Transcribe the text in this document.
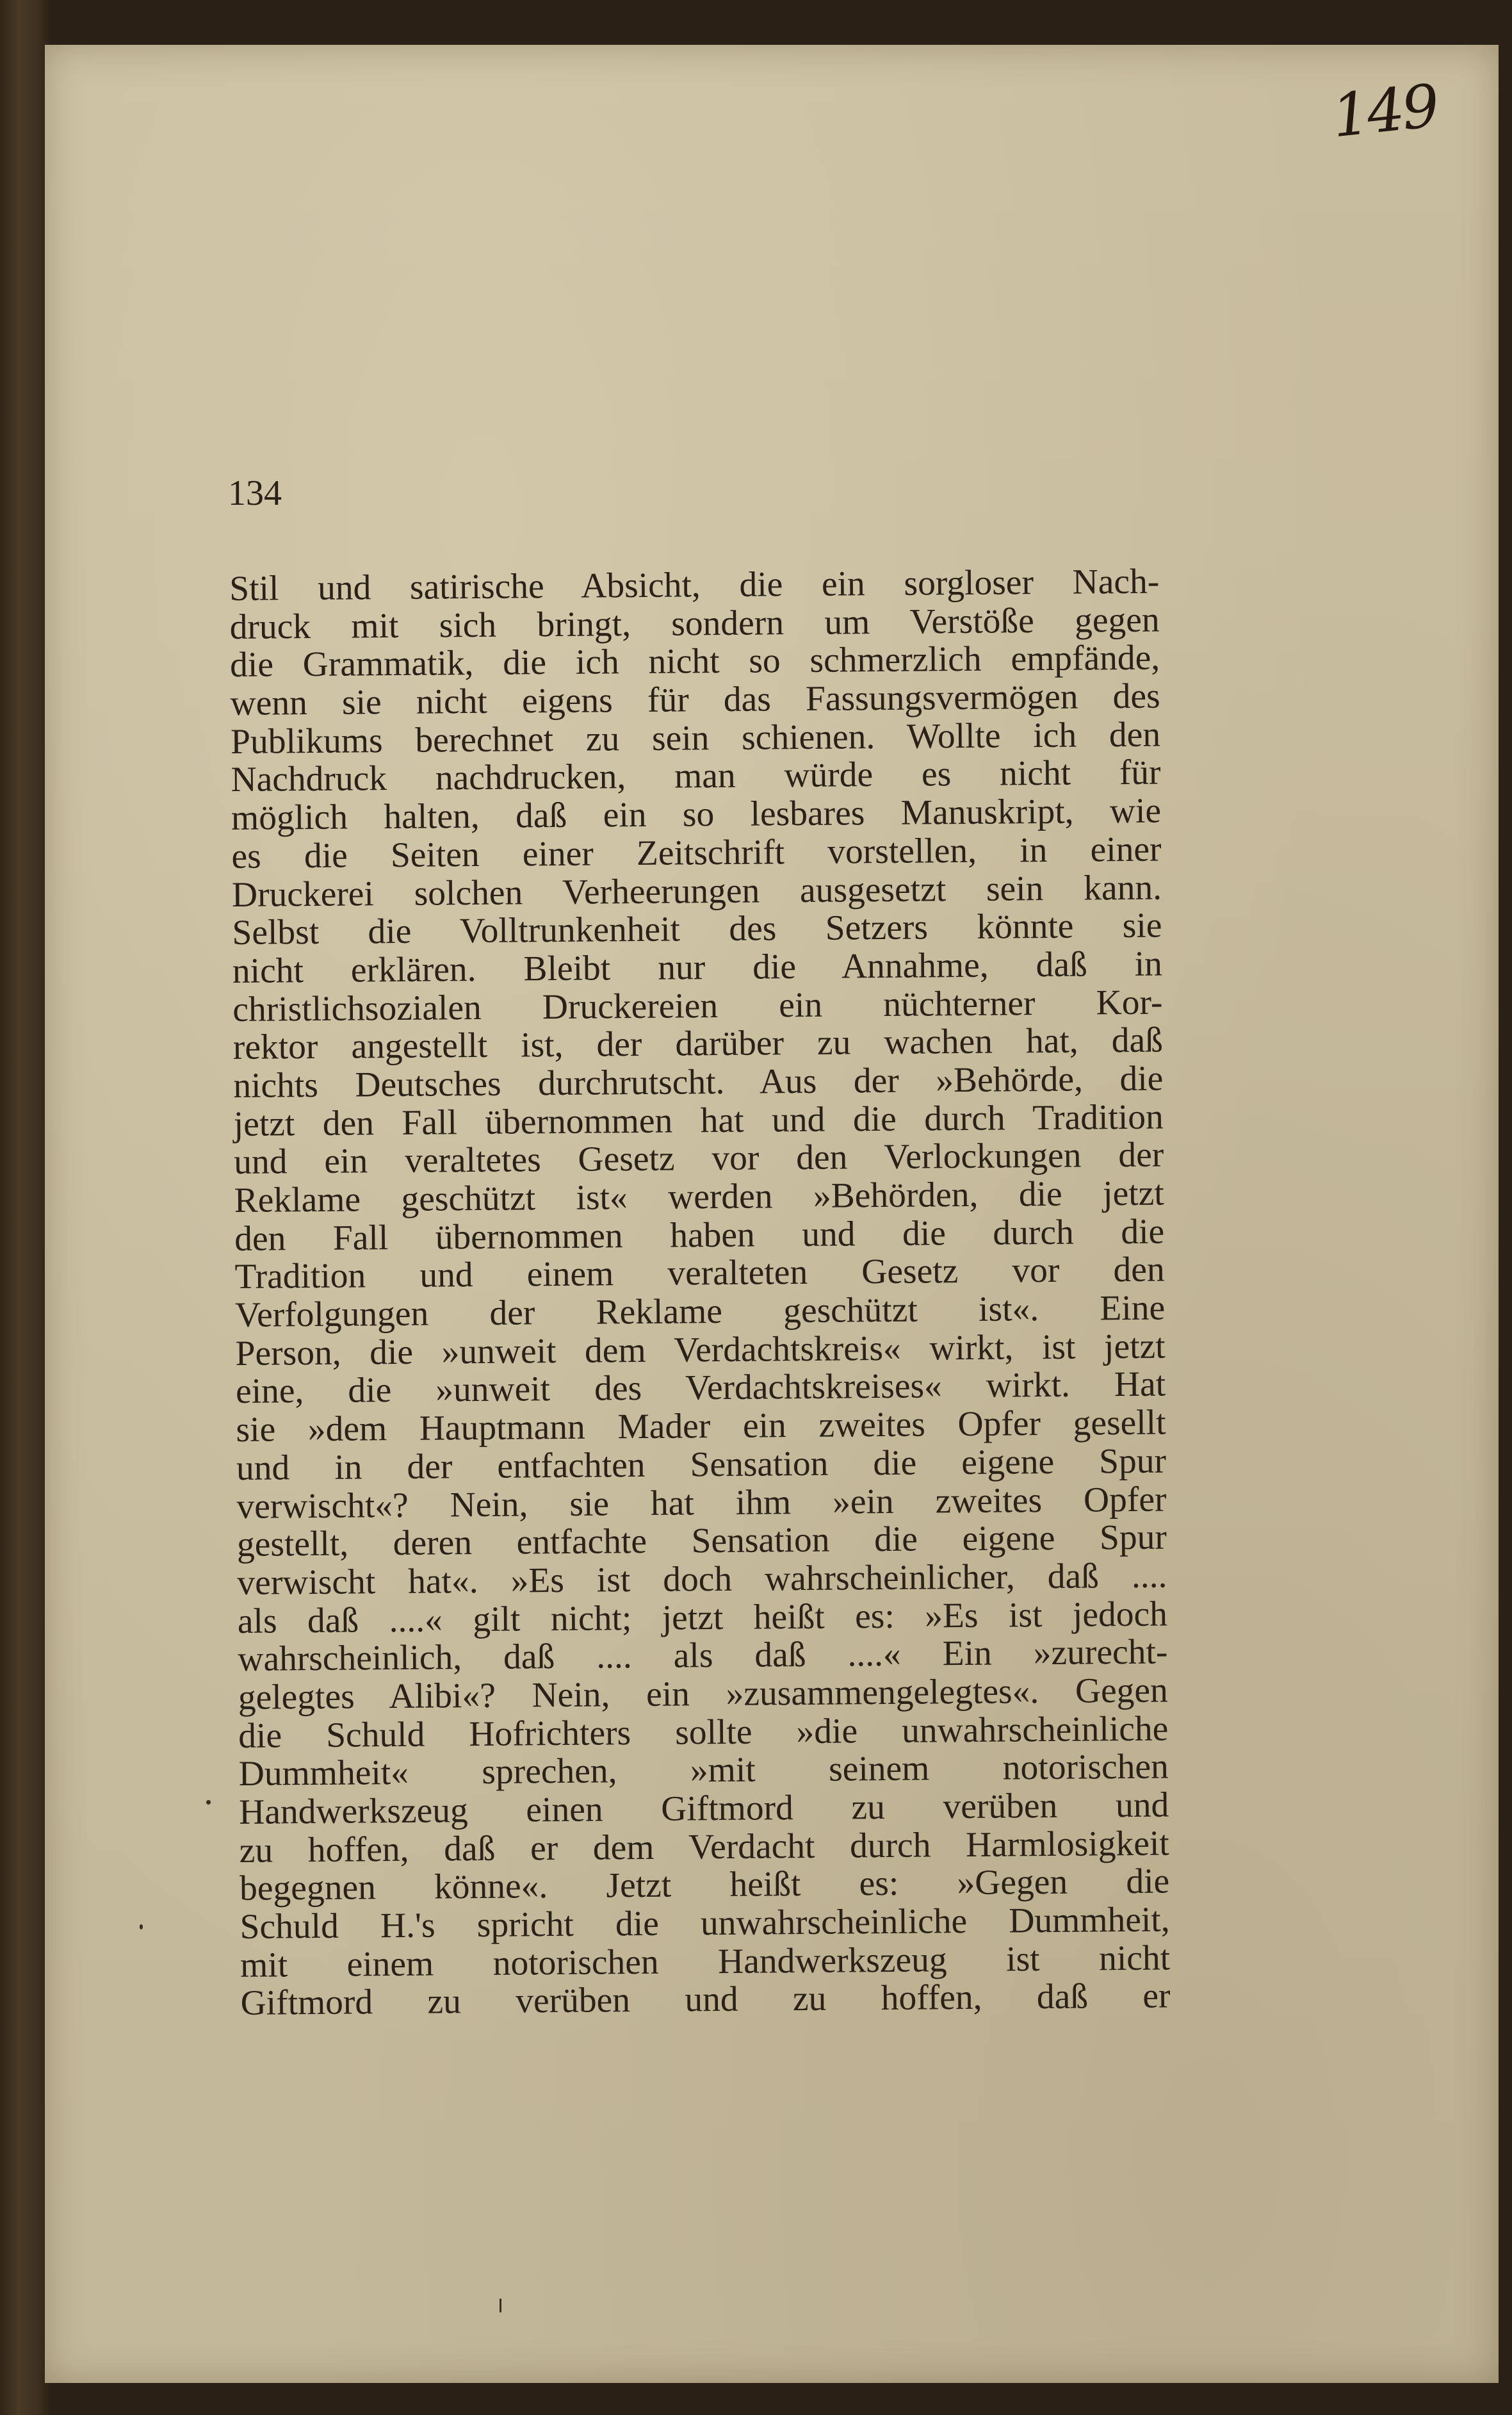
149
134
Stil und satirische Absicht, die ein sorgloser Nach-
druck mit sich bringt, sondern um Verstöße gegen
die Grammatik, die ich nicht so schmerzlich empfände,
wenn sie nicht eigens für das Fassungsvermögen des
Publikums berechnet zu sein schienen. Wollte ich den
Nachdruck nachdrucken, man würde es nicht für
möglich halten, daß ein so lesbares Manuskript, wie
es die Seiten einer Zeitschrift vorstellen, in einer
Druckerei solchen Verheerungen ausgesetzt sein kann.
Selbst die Volltrunkenheit des Setzers könnte sie
nicht erklären. Bleibt nur die Annahme, daß in
christlichsozialen Druckereien ein nüchterner Kor-
rektor angestellt ist, der darüber zu wachen hat, daß
nichts Deutsches durchrutscht. Aus der »Behörde, die
jetzt den Fall übernommen hat und die durch Tradition
und ein veraltetes Gesetz vor den Verlockungen der
Reklame geschützt ist« werden »Behörden, die jetzt
den Fall übernommen haben und die durch die
Tradition und einem veralteten Gesetz vor den
Verfolgungen der Reklame geschützt ist«. Eine
Person, die »unweit dem Verdachtskreis« wirkt, ist jetzt
eine, die »unweit des Verdachtskreises« wirkt. Hat
sie »dem Hauptmann Mader ein zweites Opfer gesellt
und in der entfachten Sensation die eigene Spur
verwischt«? Nein, sie hat ihm »ein zweites Opfer
gestellt, deren entfachte Sensation die eigene Spur
verwischt hat«. »Es ist doch wahrscheinlicher, daß ....
als daß ....« gilt nicht; jetzt heißt es: »Es ist jedoch
wahrscheinlich, daß .... als daß ....« Ein »zurecht-
gelegtes Alibi«? Nein, ein »zusammengelegtes«. Gegen
die Schuld Hofrichters sollte »die unwahrscheinliche
Dummheit« sprechen, »mit seinem notorischen
Handwerkszeug einen Giftmord zu verüben und
zu hoffen, daß er dem Verdacht durch Harmlosigkeit
begegnen könne«. Jetzt heißt es: »Gegen die
Schuld H.'s spricht die unwahrscheinliche Dummheit,
mit einem notorischen Handwerkszeug ist nicht
Giftmord zu verüben und zu hoffen, daß er
